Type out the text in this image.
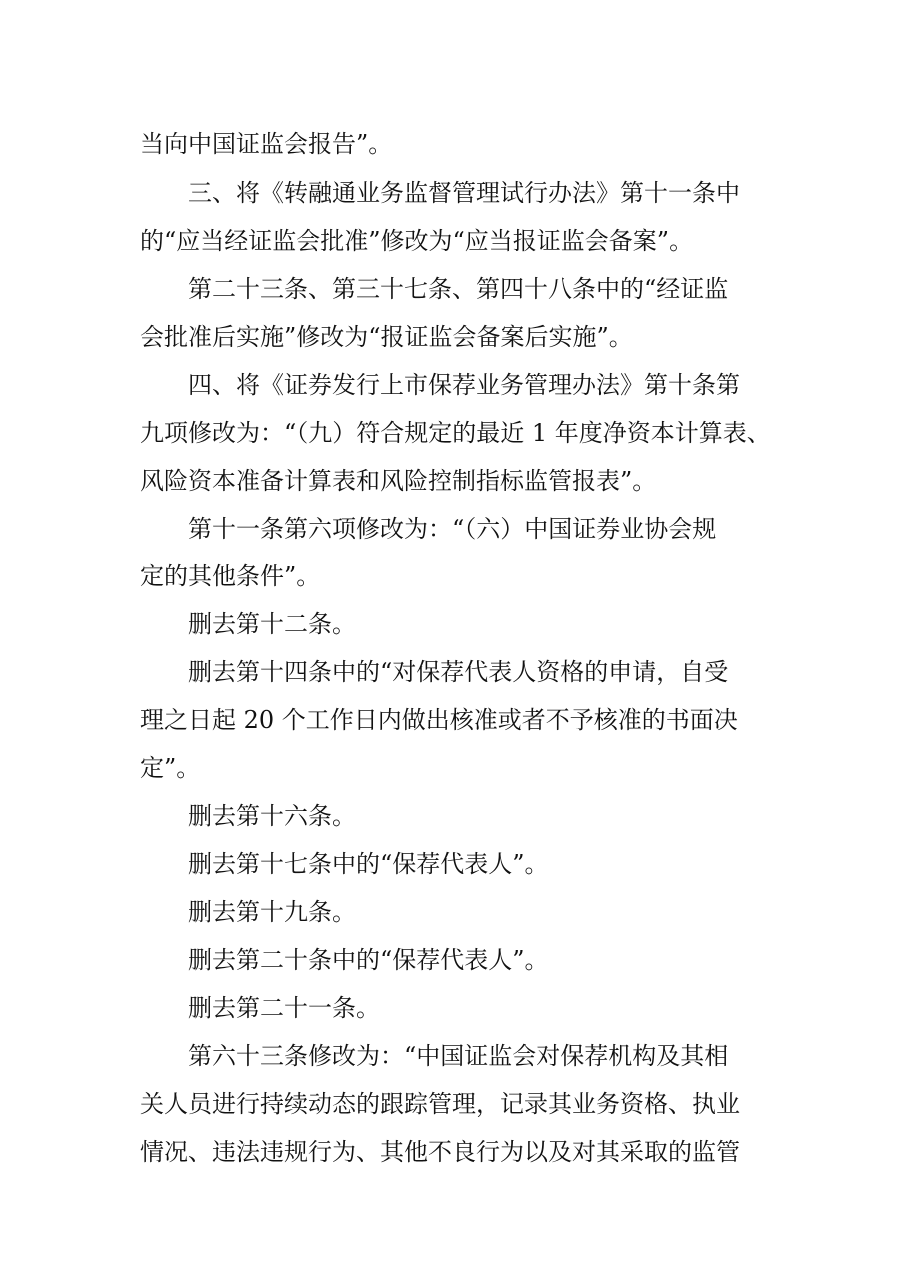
当向中国证监会报告”。
三、将《转融通业务监督管理试行办法》第十一条中
的“应当经证监会批准”修改为“应当报证监会备案”。
第二十三条、第三十七条、第四十八条中的“经证监
会批准后实施”修改为“报证监会备案后实施”。
四、将《证券发行上市保荐业务管理办法》第十条第
九项修改为：“（九）符合规定的最近 1 年度净资本计算表、
风险资本准备计算表和风险控制指标监管报表”。
第十一条第六项修改为：“（六）中国证券业协会规
定的其他条件”。
删去第十二条。
删去第十四条中的“对保荐代表人资格的申请，自受
理之日起 20 个工作日内做出核准或者不予核准的书面决
定”。
删去第十六条。
删去第十七条中的“保荐代表人”。
删去第十九条。
删去第二十条中的“保荐代表人”。
删去第二十一条。
第六十三条修改为：“中国证监会对保荐机构及其相
关人员进行持续动态的跟踪管理，记录其业务资格、执业
情况、违法违规行为、其他不良行为以及对其采取的监管
